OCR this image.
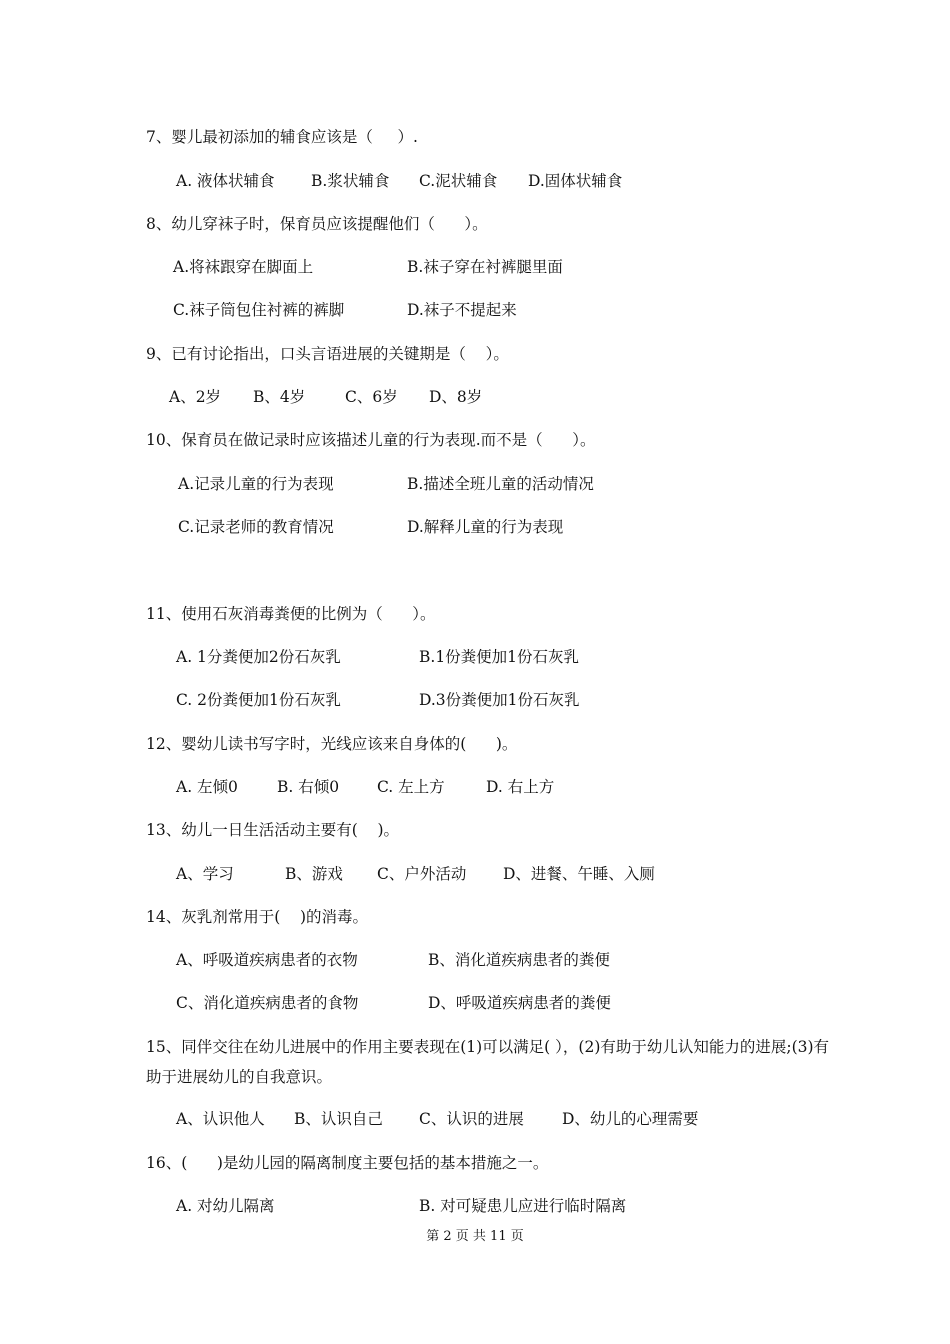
7、婴儿最初添加的辅食应该是（     ）.
A. 液体状辅食 B.浆状辅食 C.泥状辅食 D.固体状辅食
8、幼儿穿袜子时，保育员应该提醒他们（      ）。
A.将袜跟穿在脚面上	B.袜子穿在衬裤腿里面
C.袜子筒包住衬裤的裤脚	D.袜子不提起来
9、已有讨论指出，口头言语进展的关键期是（    ）。
A、2岁 B、4岁	C、6岁 D、8岁
10、保育员在做记录时应该描述儿童的行为表现.而不是（      ）。
A.记录儿童的行为表现	B.描述全班儿童的活动情况
C.记录老师的教育情况	D.解释儿童的行为表现
11、使用石灰消毒粪便的比例为（      ）。
A. 1分粪便加2份石灰乳	B.1份粪便加1份石灰乳
C. 2份粪便加1份石灰乳	D.3份粪便加1份石灰乳
12、婴幼儿读书写字时，光线应该来自身体的(      )。
A. 左倾0	B. 右倾0 C. 左上方	D. 右上方
13、幼儿一日生活活动主要有(    )。
A、学习	B、游戏 C、户外活动 D、进餐、午睡、入厕
14、灰乳剂常用于(    )的消毒。
A、呼吸道疾病患者的衣物	B、消化道疾病患者的粪便
C、消化道疾病患者的食物	D、呼吸道疾病患者的粪便
15、同伴交往在幼儿进展中的作用主要表现在(1)可以满足( ），(2)有助于幼儿认知能力的进展;(3)有助于进展幼儿的自我意识。
A、认识他人 B、认识自己 C、认识的进展 D、幼儿的心理需要
16、(      )是幼儿园的隔离制度主要包括的基本措施之一。
A. 对幼儿隔离	B. 对可疑患儿应进行临时隔离
第 2 页 共 11 页
